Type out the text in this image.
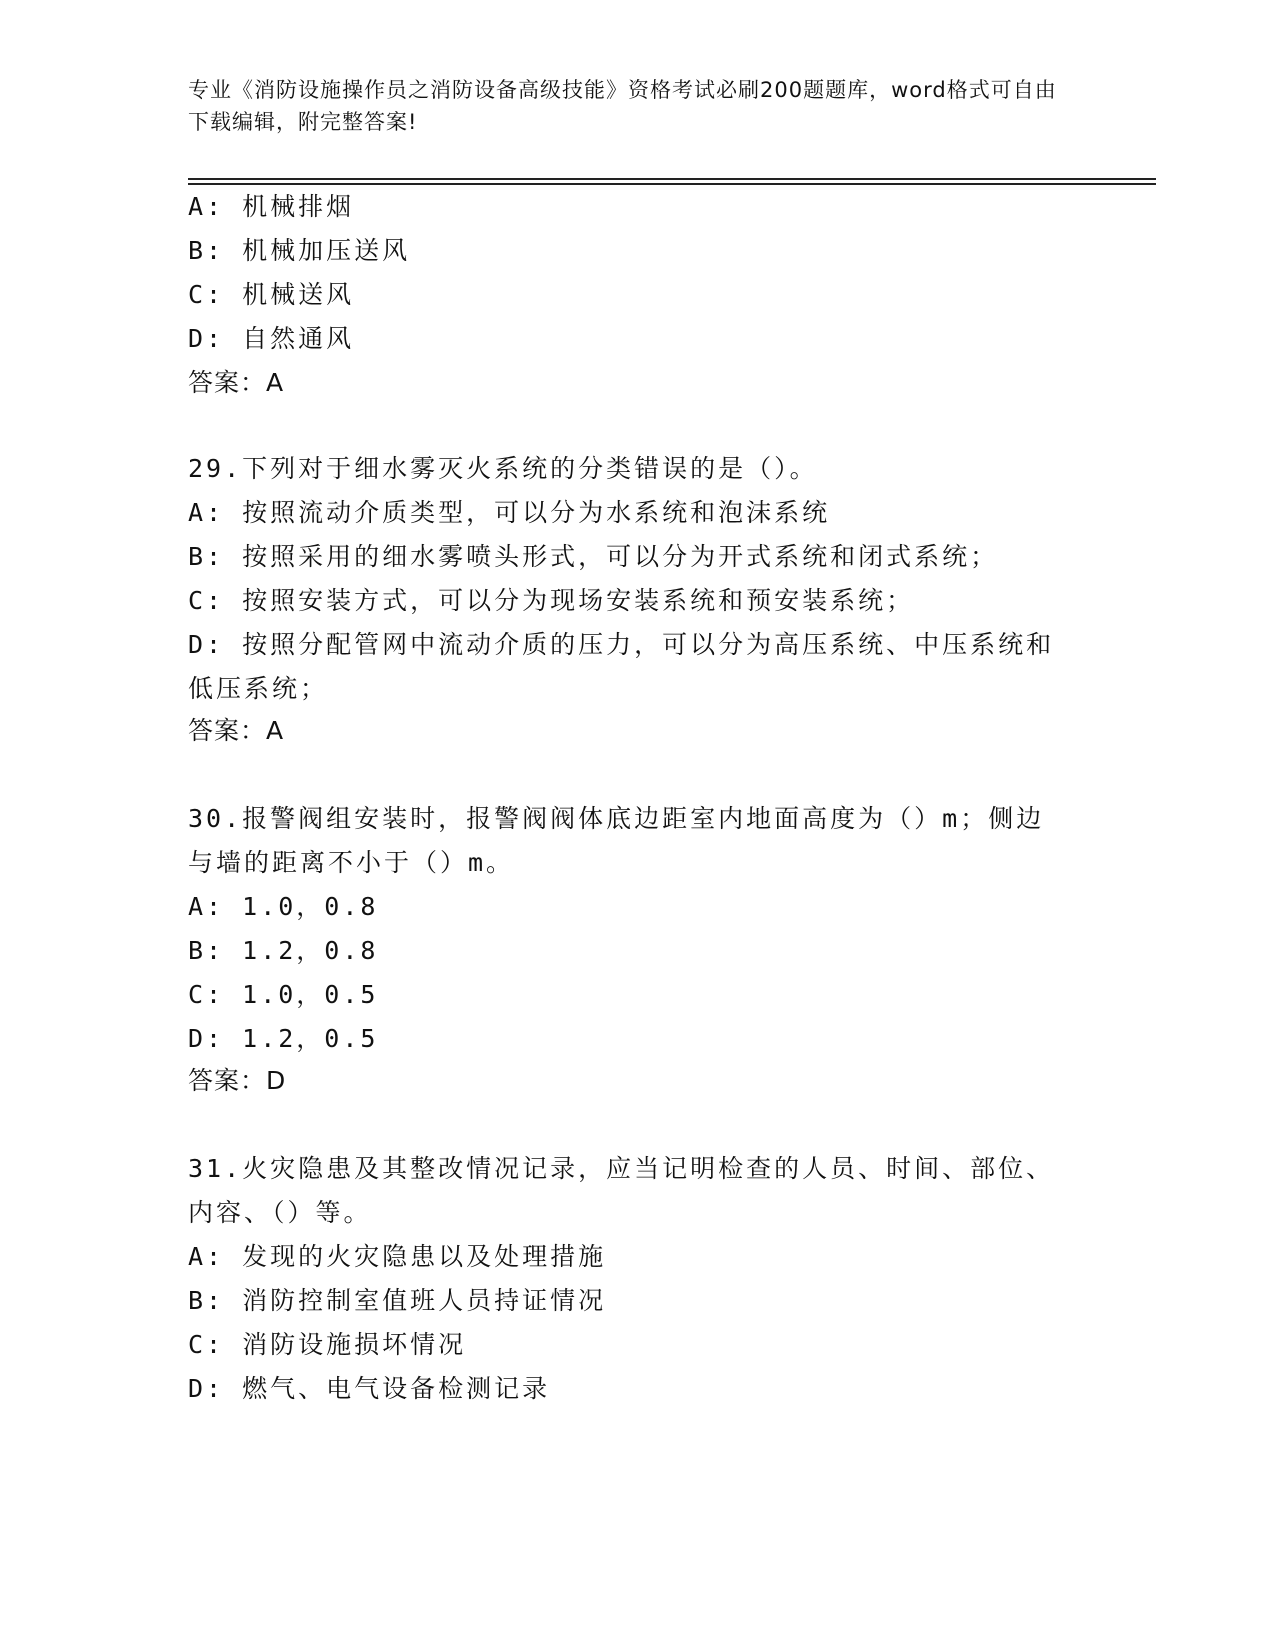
专业《消防设施操作员之消防设备高级技能》资格考试必刷200题题库，word格式可自由下载编辑，附完整答案!
A: 机械排烟
B: 机械加压送风
C: 机械送风
D: 自然通风
答案：A
29.下列对于细水雾灭火系统的分类错误的是（）。
A: 按照流动介质类型，可以分为水系统和泡沫系统
B: 按照采用的细水雾喷头形式，可以分为开式系统和闭式系统；
C: 按照安装方式，可以分为现场安装系统和预安装系统；
D: 按照分配管网中流动介质的压力，可以分为高压系统、中压系统和
低压系统；
答案：A
30.报警阀组安装时，报警阀阀体底边距室内地面高度为（）m；侧边
与墙的距离不小于（）m。
A: 1.0，0.8
B: 1.2，0.8
C: 1.0，0.5
D: 1.2，0.5
答案：D
31.火灾隐患及其整改情况记录，应当记明检查的人员、时间、部位、
内容、（）等。
A: 发现的火灾隐患以及处理措施
B: 消防控制室值班人员持证情况
C: 消防设施损坏情况
D: 燃气、电气设备检测记录
